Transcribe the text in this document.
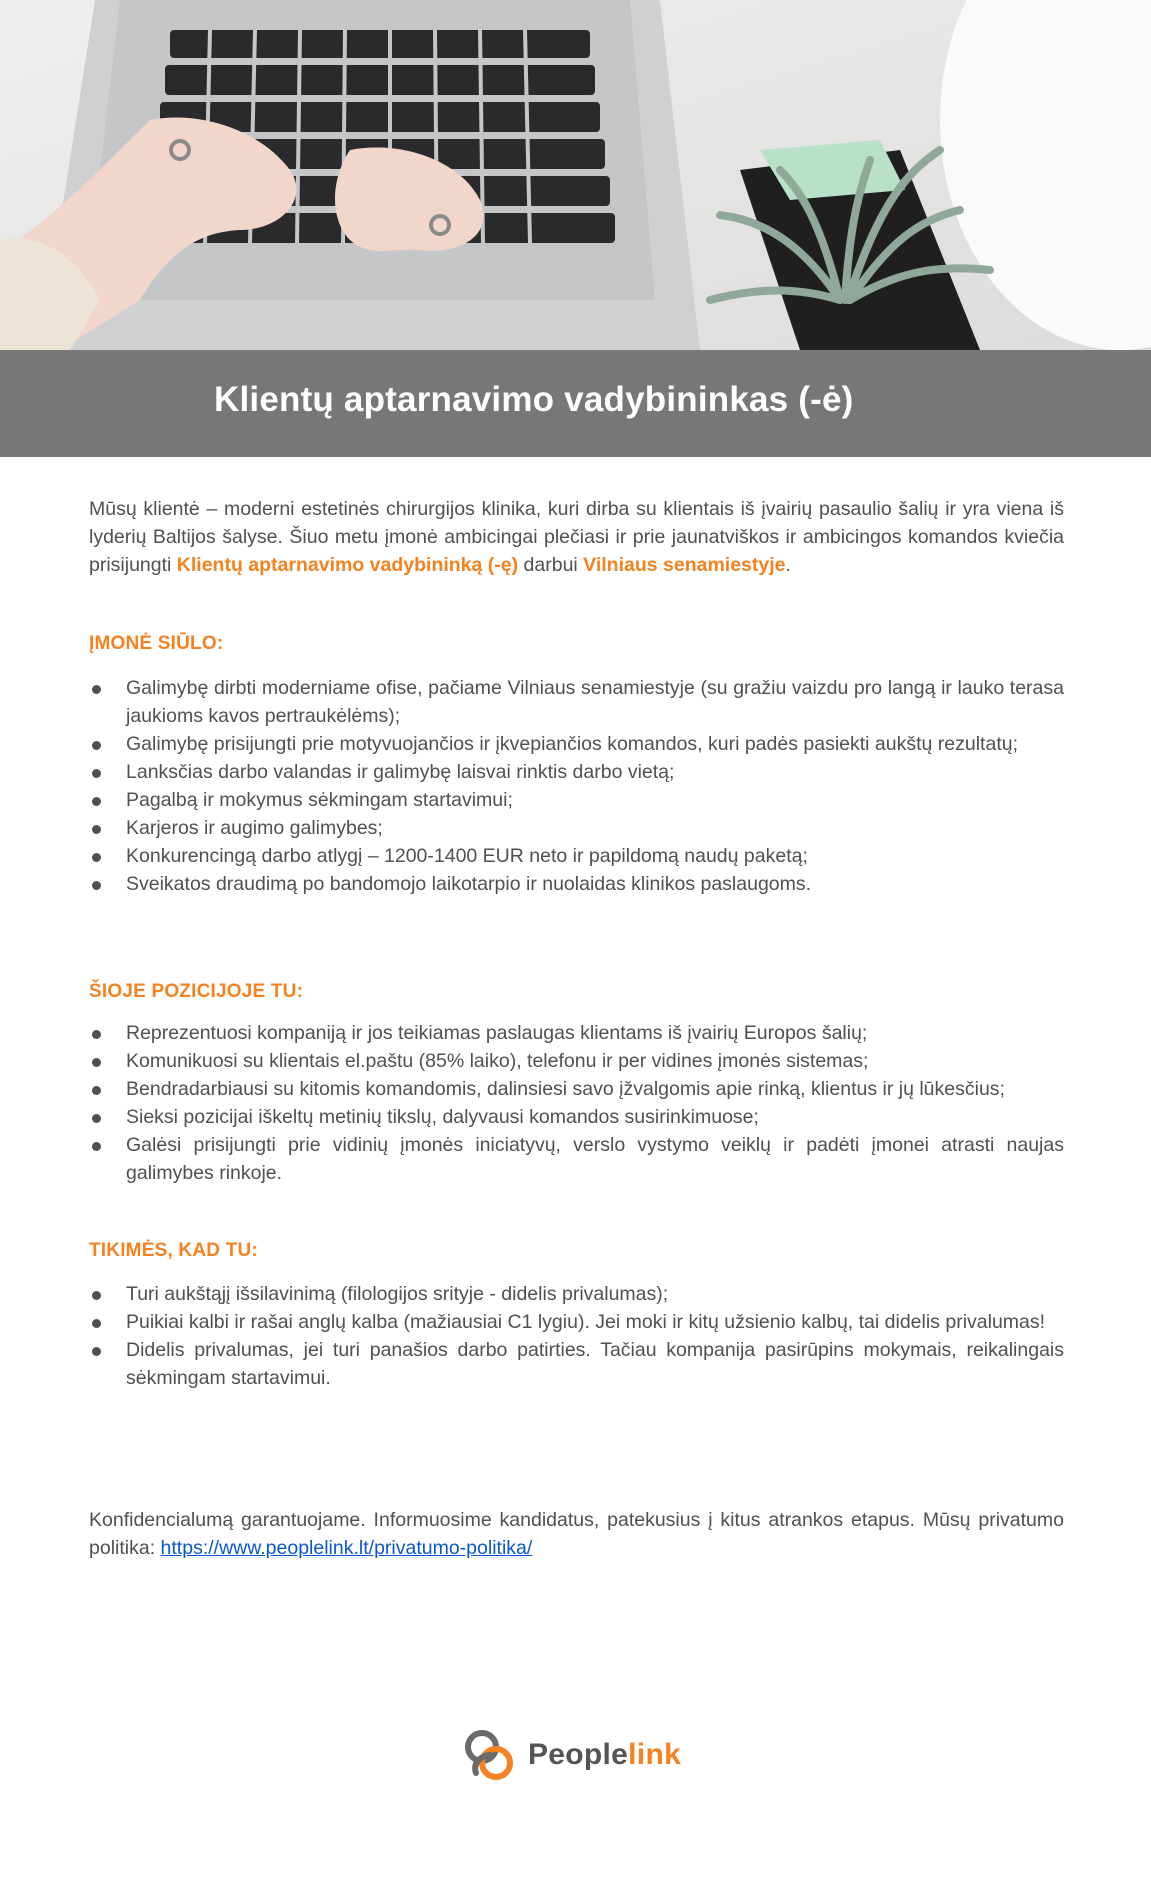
Klientų aptarnavimo vadybininkas (-ė)

Mūsų klientė – moderni estetinės chirurgijos klinika, kuri dirba su klientais iš įvairių pasaulio šalių ir yra viena iš lyderių Baltijos šalyse. Šiuo metu įmonė ambicingai plečiasi ir prie jaunatviškos ir ambicingos komandos kviečia prisijungti Klientų aptarnavimo vadybininką (-ę) darbui Vilniaus senamiestyje.

ĮMONĖ SIŪLO:
Galimybę dirbti moderniame ofise, pačiame Vilniaus senamiestyje (su gražiu vaizdu pro langą ir lauko terasa jaukioms kavos pertraukėlėms);
Galimybę prisijungti prie motyvuojančios ir įkvepiančios komandos, kuri padės pasiekti aukštų rezultatų;
Lanksčias darbo valandas ir galimybę laisvai rinktis darbo vietą;
Pagalbą ir mokymus sėkmingam startavimui;
Karjeros ir augimo galimybes;
Konkurencingą darbo atlygį – 1200-1400 EUR neto ir papildomą naudų paketą;
Sveikatos draudimą po bandomojo laikotarpio ir nuolaidas klinikos paslaugoms.
ŠIOJE POZICIJOJE TU:
Reprezentuosi kompaniją ir jos teikiamas paslaugas klientams iš įvairių Europos šalių;
Komunikuosi su klientais el.paštu (85% laiko), telefonu ir per vidines įmonės sistemas;
Bendradarbiausi su kitomis komandomis, dalinsiesi savo įžvalgomis apie rinką, klientus ir jų lūkesčius;
Sieksi pozicijai iškeltų metinių tikslų, dalyvausi komandos susirinkimuose;
Galėsi prisijungti prie vidinių įmonės iniciatyvų, verslo vystymo veiklų ir padėti įmonei atrasti naujas galimybes rinkoje.
TIKIMĖS, KAD TU:
Turi aukštąjį išsilavinimą (filologijos srityje - didelis privalumas);
Puikiai kalbi ir rašai anglų kalba (mažiausiai C1 lygiu). Jei moki ir kitų užsienio kalbų, tai didelis privalumas!
Didelis privalumas, jei turi panašios darbo patirties. Tačiau kompanija pasirūpins mokymais, reikalingais sėkmingam startavimui.

Konfidencialumą garantuojame. Informuosime kandidatus, patekusius į kitus atrankos etapus. Mūsų privatumo politika: https://www.peoplelink.lt/privatumo-politika/

Peoplelink
